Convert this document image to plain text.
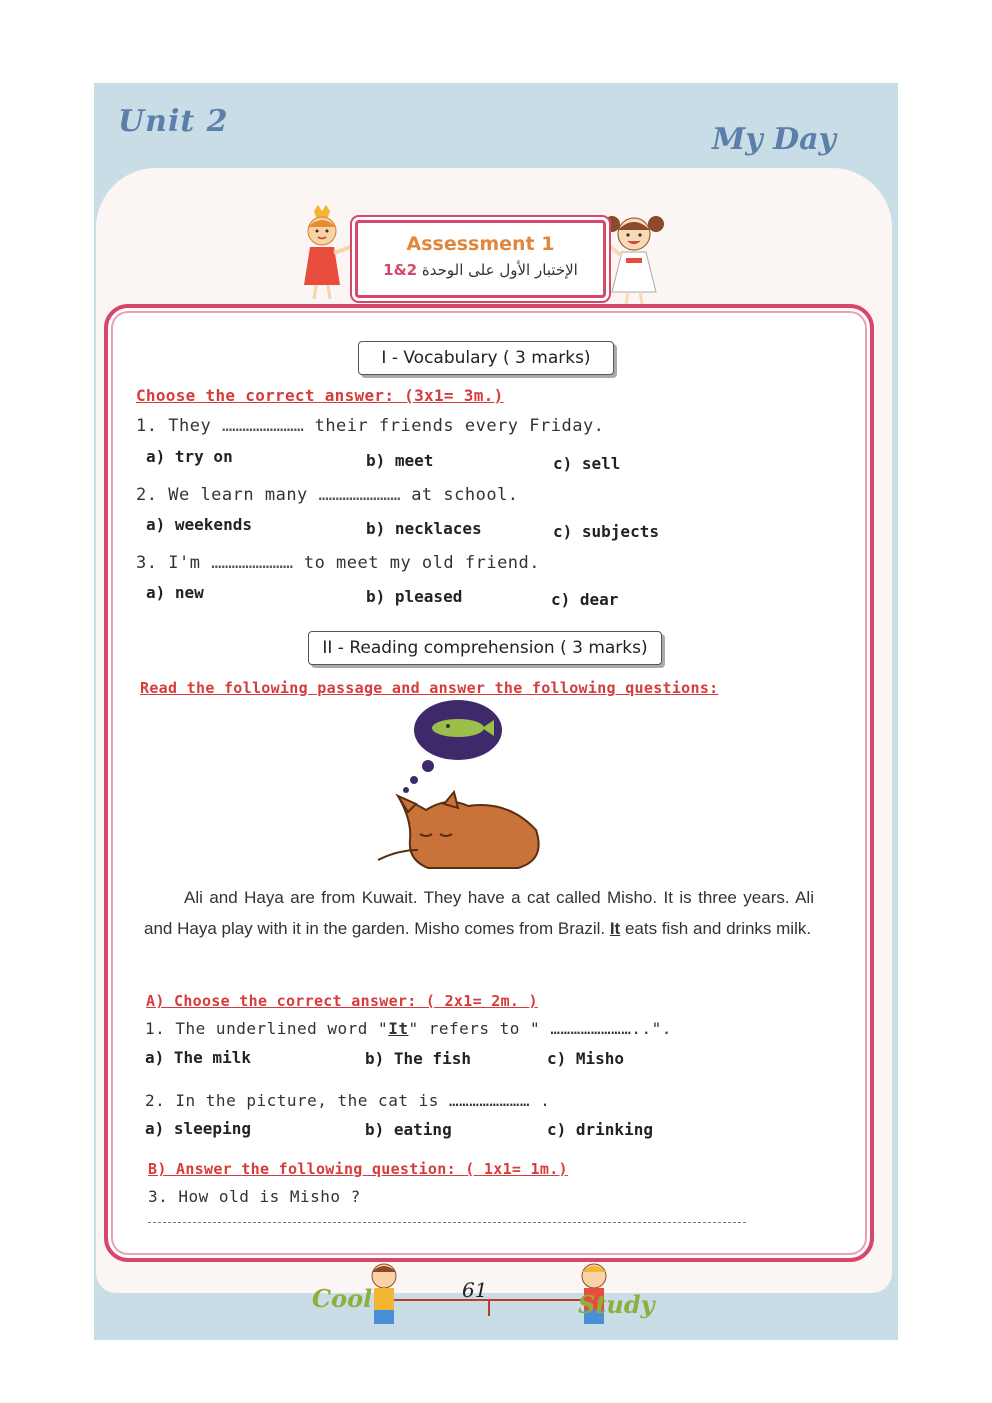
Unit 2
My Day
Assessment 1
1&2 الإختبار الأول على الوحدة
I - Vocabulary ( 3 marks)
Choose the correct answer: (3x1= 3m.)
1. They …………………… their friends every Friday.
a) try on	b) meet	c) sell
2. We learn many …………………… at school.
a) weekends	b) necklaces	c) subjects
3. I'm …………………… to meet my old friend.
a) new	b) pleased	c) dear
II - Reading comprehension ( 3 marks)
Read the following passage and answer the following questions:

Ali and Haya are from Kuwait. They have a cat called Misho. It is three years. Ali and Haya play with it in the garden. Misho comes from Brazil. It eats fish and drinks milk.

A) Choose the correct answer: ( 2x1= 2m. )
1. The underlined word "It" refers to " ……………………..".
a) The milk	b) The fish	c) Misho
2. In the picture, the cat is …………………… .
a) sleeping	b) eating	c) drinking
B) Answer the following question: ( 1x1= 1m.)
3. How old is Misho ?
Cool	61	Study
